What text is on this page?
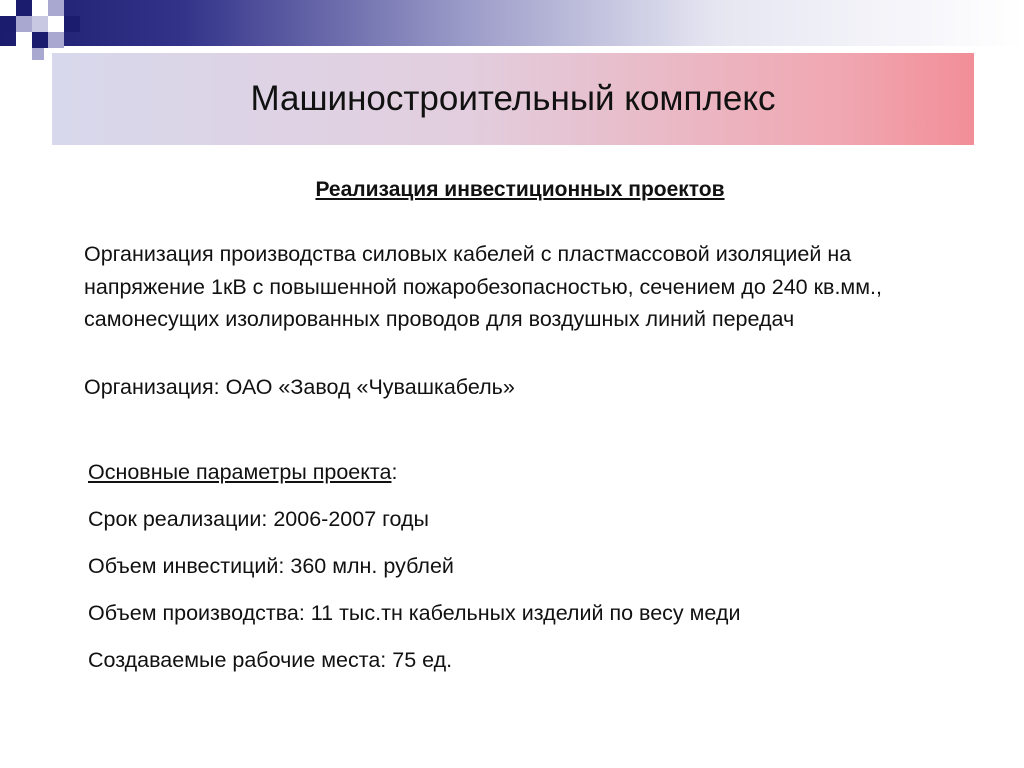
Машиностроительный комплекс
Реализация инвестиционных проектов

Организация производства силовых кабелей с пластмассовой изоляцией на напряжение 1кВ с повышенной пожаробезопасностью, сечением до 240 кв.мм., самонесущих изолированных проводов для воздушных линий передач

Организация: ОАО «Завод «Чувашкабель»

Основные параметры проекта:
Срок реализации: 2006-2007 годы
Объем инвестиций: 360 млн. рублей
Объем производства: 11 тыс.тн кабельных изделий по весу меди
Создаваемые рабочие места: 75 ед.
